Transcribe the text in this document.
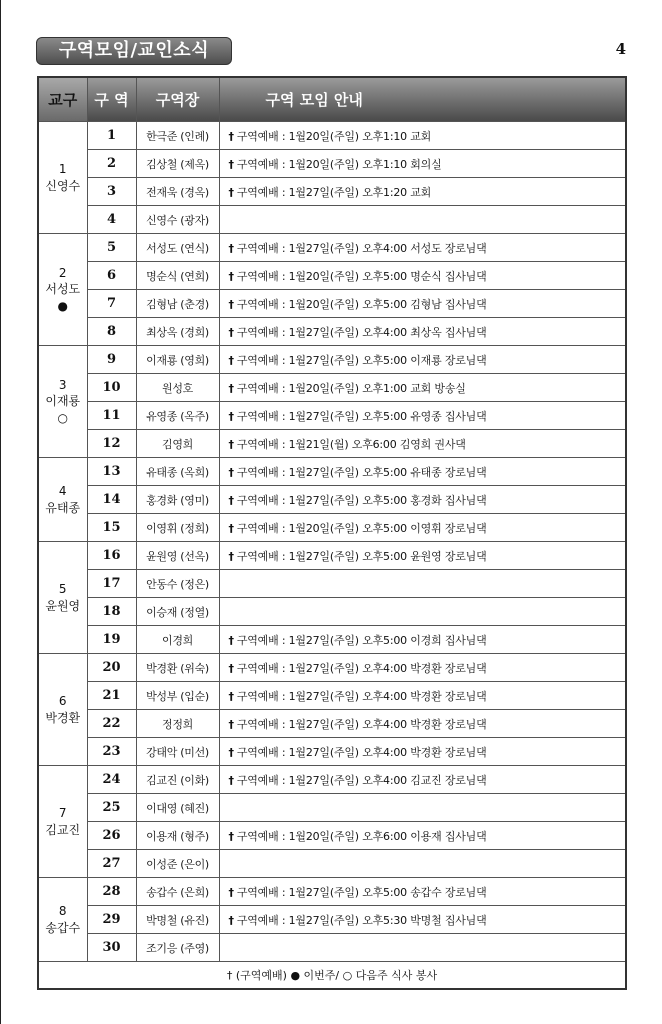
구역모임/교인소식	4
교구	구 역	구역장	구역 모임 안내

1
신영수	1	한극준 (인례)	† 구역예배 : 1월20일(주일) 오후1:10 교회
	2	김상철 (제옥)	† 구역예배 : 1월20일(주일) 오후1:10 회의실
	3	전재욱 (경옥)	† 구역예배 : 1월27일(주일) 오후1:20 교회
	4	신영수 (광자)	

2
서성도
●	5	서성도 (연식)	† 구역예배 : 1월27일(주일) 오후4:00 서성도 장로님댁
	6	명순식 (연희)	† 구역예배 : 1월20일(주일) 오후5:00 명순식 집사님댁
	7	김형남 (춘경)	† 구역예배 : 1월20일(주일) 오후5:00 김형남 집사님댁
	8	최상옥 (경희)	† 구역예배 : 1월27일(주일) 오후4:00 최상옥 집사님댁

3
이재룡
○	9	이재룡 (영희)	† 구역예배 : 1월27일(주일) 오후5:00 이재룡 장로님댁
	10	원성호	† 구역예배 : 1월20일(주일) 오후1:00 교회 방송실
	11	유영종 (옥주)	† 구역예배 : 1월27일(주일) 오후5:00 유영종 집사님댁
	12	김영희	† 구역예배 : 1월21일(월) 오후6:00 김영희 권사댁

4
유태종	13	유태종 (옥희)	† 구역예배 : 1월27일(주일) 오후5:00 유태종 장로님댁
	14	홍경화 (영미)	† 구역예배 : 1월27일(주일) 오후5:00 홍경화 집사님댁
	15	이영휘 (정희)	† 구역예배 : 1월20일(주일) 오후5:00 이영휘 장로님댁

5
윤원영	16	윤원영 (선옥)	† 구역예배 : 1월27일(주일) 오후5:00 윤원영 장로님댁
	17	안동수 (정은)	
	18	이승재 (정열)	
	19	이경희	† 구역예배 : 1월27일(주일) 오후5:00 이경희 집사님댁

6
박경환	20	박경환 (위숙)	† 구역예배 : 1월27일(주일) 오후4:00 박경환 장로님댁
	21	박성부 (입순)	† 구역예배 : 1월27일(주일) 오후4:00 박경환 장로님댁
	22	정정희	† 구역예배 : 1월27일(주일) 오후4:00 박경환 장로님댁
	23	강태악 (미선)	† 구역예배 : 1월27일(주일) 오후4:00 박경환 장로님댁

7
김교진	24	김교진 (이화)	† 구역예배 : 1월27일(주일) 오후4:00 김교진 장로님댁
	25	이대영 (혜진)	
	26	이용재 (형주)	† 구역예배 : 1월20일(주일) 오후6:00 이용재 집사님댁
	27	이성준 (은이)	

8
송갑수	28	송갑수 (은희)	† 구역예배 : 1월27일(주일) 오후5:00 송갑수 장로님댁
	29	박명철 (유진)	† 구역예배 : 1월27일(주일) 오후5:30 박명철 집사님댁
	30	조기응 (주영)	
† (구역예배) ● 이번주/ ○ 다음주 식사 봉사			
